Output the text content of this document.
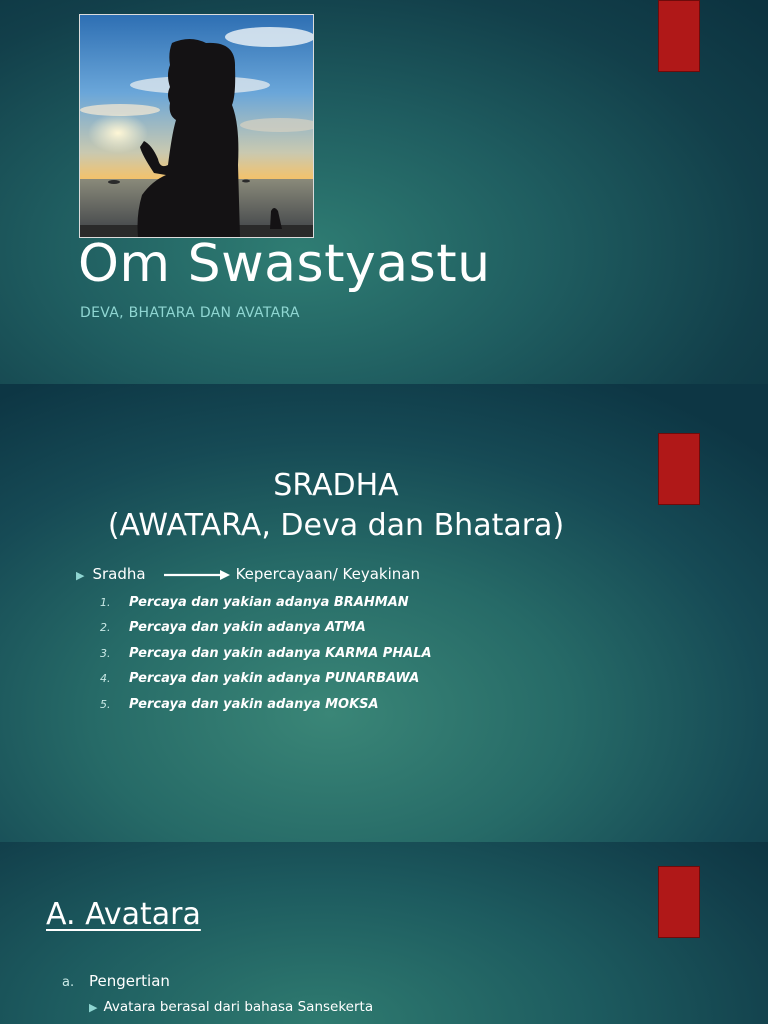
Om Swastyastu
DEVA, BHATARA DAN AVATARA
SRADHA
(AWATARA, Deva dan Bhatara)
▶ Sradha	Kepercayaan/ Keyakinan
1. Percaya dan yakian adanya BRAHMAN
2. Percaya dan yakin adanya ATMA
3. Percaya dan yakin adanya KARMA PHALA
4. Percaya dan yakin adanya PUNARBAWA
5. Percaya dan yakin adanya MOKSA
A. Avatara
a. Pengertian
▶ Avatara berasal dari bahasa Sansekerta
